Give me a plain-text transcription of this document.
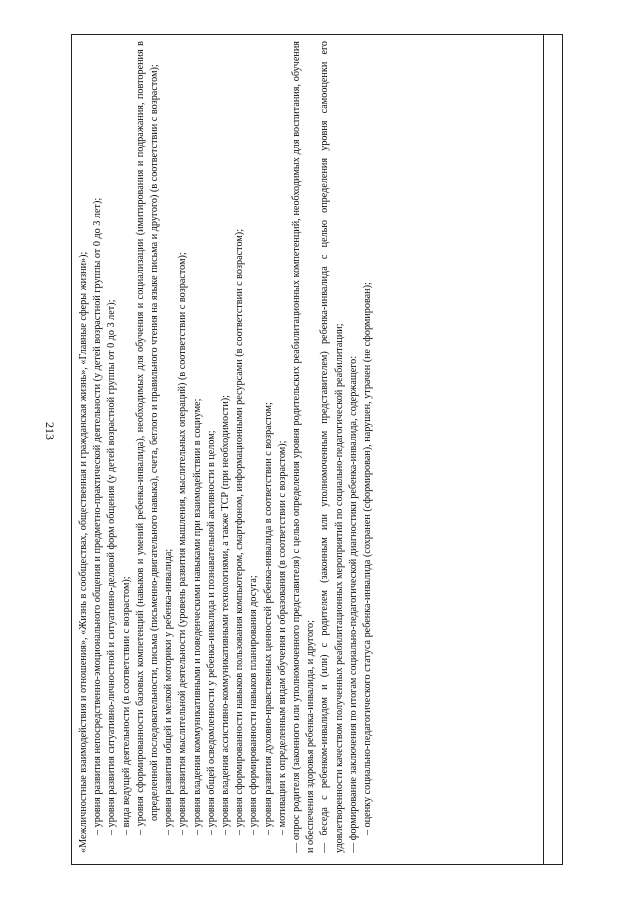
213 «Межличностные взаимодействия и отношения», «Жизнь в сообществах, общественная и гражданская жизнь», «Главные сферы жизни»); – уровня развития непосредственно-эмоционального общения и предметно-практической деятельности (у детей возрастной группы от 0 до 3 лет); – уровня развития ситуативно-личностной и ситуативно-деловой форм общения (у детей возрастной группы от 0 до 3 лет); – вида ведущей деятельности (в соответствии с возрастом); – уровня сформированности базовых компетенций (навыков и умений ребенка-инвалида), необходимых для обучения и социализации (имитирования и подражания, повторения в определенной последовательности, письма (письменно-двигательного навыка), счета, беглого и правильного чтения на языке письма и другого) (в соответствии с возрастом); – уровня развития общей и мелкой моторики у ребенка-инвалида; – уровня развития мыслительной деятельности (уровень развития мышления, мыслительных операций) (в соответствии с возрастом); – уровня владения коммуникативными и поведенческими навыками при взаимодействии в социуме; – уровня общей осведомленности у ребенка-инвалида и познавательной активности в целом; – уровня владения ассистивно-коммуникативными технологиями, а также ТСР (при необходимости); – уровня сформированности навыков пользования компьютером, смартфоном, информационными ресурсами (в соответствии с возрастом); – уровня сформированности навыков планирования досуга; – уровня развития духовно-нравственных ценностей ребенка-инвалида в соответствии с возрастом; – мотивации к определенным видам обучения и образования (в соответствии с возрастом); — опрос родителя (законного или уполномоченного представителя) с целью определения уровня родительских реабилитационных компетенций, необходимых для воспитания, обучения и обеспечения здоровья ребенка-инвалида, и другого; — беседа с ребенком-инвалидом и (или) с родителем (законным или уполномоченным представителем) ребенка-инвалида с целью определения уровня самооценки его удовлетворенности качеством полученных реабилитационных мероприятий по социально-педагогической реабилитации; — формирование заключения по итогам социально-педагогической диагностики ребенка-инвалида, содержащего: – оценку социально-педагогического статуса ребенка-инвалида (сохранен (сформирован), нарушен, утрачен (не сформирован);
